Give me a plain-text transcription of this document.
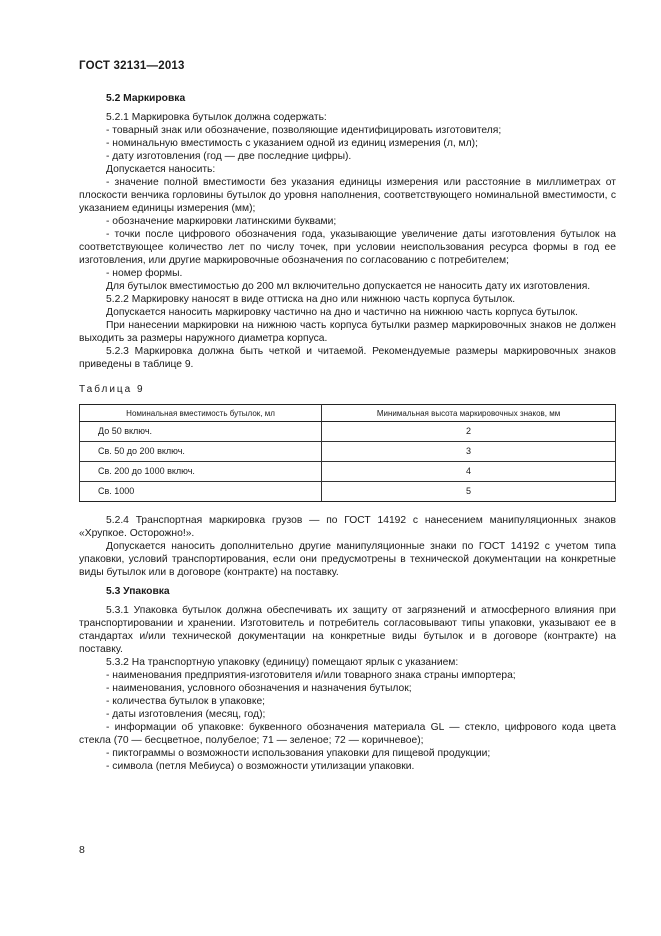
ГОСТ 32131—2013

5.2 Маркировка

5.2.1 Маркировка бутылок должна содержать:

- товарный знак или обозначение, позволяющие идентифицировать изготовителя;

- номинальную вместимость с указанием одной из единиц измерения (л, мл);

- дату изготовления (год — две последние цифры).

Допускается наносить:

- значение полной вместимости без указания единицы измерения или расстояние в миллиметрах от плоскости венчика горловины бутылок до уровня наполнения, соответствующего номинальной вместимости, с указанием единицы измерения (мм);

- обозначение маркировки латинскими буквами;

- точки после цифрового обозначения года, указывающие увеличение даты изготовления бутылок на соответствующее количество лет по числу точек, при условии неиспользования ресурса формы в год ее изготовления, или другие маркировочные обозначения по согласованию с потребителем;

- номер формы.

Для бутылок вместимостью до 200 мл включительно допускается не наносить дату их изготовления.

5.2.2 Маркировку наносят в виде оттиска на дно или нижнюю часть корпуса бутылок.

Допускается наносить маркировку частично на дно и частично на нижнюю часть корпуса бутылок.

При нанесении маркировки на нижнюю часть корпуса бутылки размер маркировочных знаков не должен выходить за размеры наружного диаметра корпуса.

5.2.3 Маркировка должна быть четкой и читаемой. Рекомендуемые размеры маркировочных знаков приведены в таблице 9.

Таблица 9

Номинальная вместимость бутылок, мл	Минимальная высота маркировочных знаков, мм
До 50 включ.	2
Св. 50 до 200 включ.	3
Св. 200 до 1000 включ.	4
Св. 1000	5

5.2.4 Транспортная маркировка грузов — по ГОСТ 14192 с нанесением манипуляционных знаков «Хрупкое. Осторожно!».

Допускается наносить дополнительно другие манипуляционные знаки по ГОСТ 14192 с учетом типа упаковки, условий транспортирования, если они предусмотрены в технической документации на конкретные виды бутылок или в договоре (контракте) на поставку.

5.3 Упаковка

5.3.1 Упаковка бутылок должна обеспечивать их защиту от загрязнений и атмосферного влияния при транспортировании и хранении. Изготовитель и потребитель согласовывают типы упаковки, указывают ее в стандартах и/или технической документации на конкретные виды бутылок и в договоре (контракте) на поставку.

5.3.2 На транспортную упаковку (единицу) помещают ярлык с указанием:

- наименования предприятия-изготовителя и/или товарного знака страны импортера;

- наименования, условного обозначения и назначения бутылок;

- количества бутылок в упаковке;

- даты изготовления (месяц, год);

- информации об упаковке: буквенного обозначения материала GL — стекло, цифрового кода цвета стекла (70 — бесцветное, полубелое; 71 — зеленое; 72 — коричневое);

- пиктограммы о возможности использования упаковки для пищевой продукции;

- символа (петля Мебиуса) о возможности утилизации упаковки.

8
